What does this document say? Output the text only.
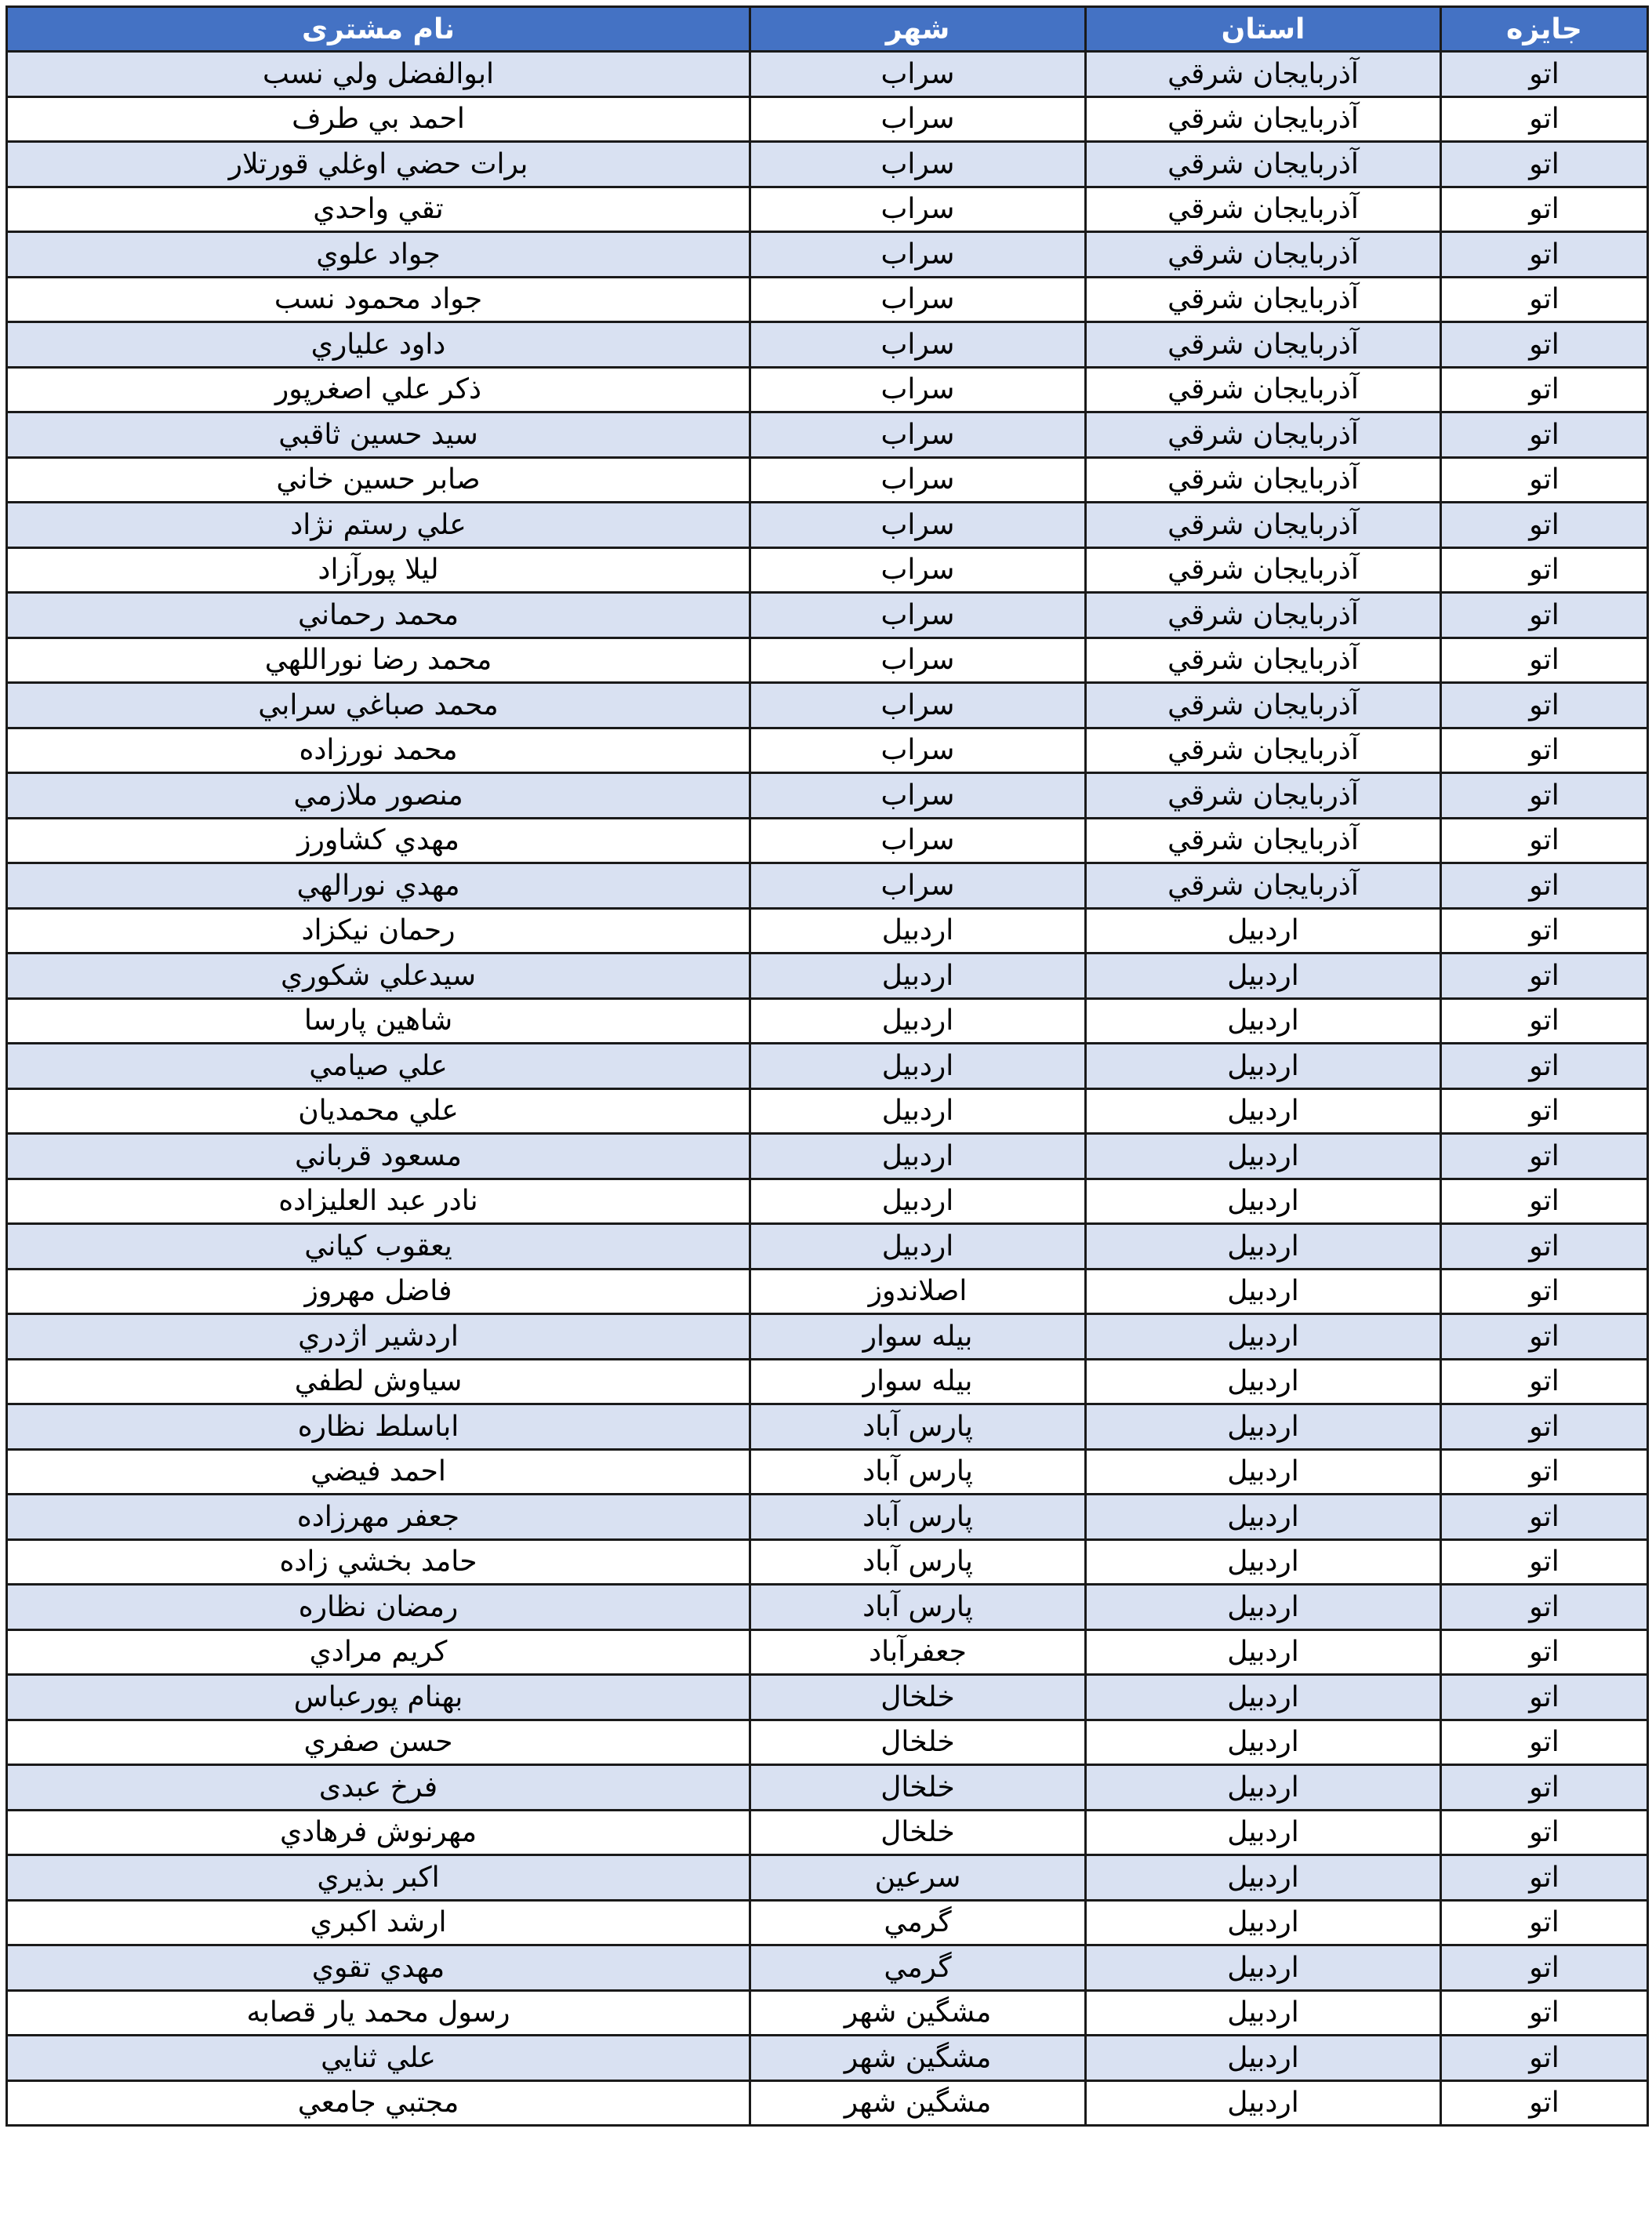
نام مشتری	شهر	استان	جایزه
ابوالفضل ولي نسب	سراب	آذربايجان شرقي	اتو
احمد بي طرف	سراب	آذربايجان شرقي	اتو
برات حضي اوغلي قورتلار	سراب	آذربايجان شرقي	اتو
تقي واحدي	سراب	آذربايجان شرقي	اتو
جواد علوي	سراب	آذربايجان شرقي	اتو
جواد محمود نسب	سراب	آذربايجان شرقي	اتو
داود علياري	سراب	آذربايجان شرقي	اتو
ذكر علي اصغرپور	سراب	آذربايجان شرقي	اتو
سيد حسين ثاقبي	سراب	آذربايجان شرقي	اتو
صابر حسين خاني	سراب	آذربايجان شرقي	اتو
علي رستم نژاد	سراب	آذربايجان شرقي	اتو
ليلا پورآزاد	سراب	آذربايجان شرقي	اتو
محمد رحماني	سراب	آذربايجان شرقي	اتو
محمد رضا نوراللهي	سراب	آذربايجان شرقي	اتو
محمد صباغي سرابي	سراب	آذربايجان شرقي	اتو
محمد نورزاده	سراب	آذربايجان شرقي	اتو
منصور ملازمي	سراب	آذربايجان شرقي	اتو
مهدي كشاورز	سراب	آذربايجان شرقي	اتو
مهدي نورالهي	سراب	آذربايجان شرقي	اتو
رحمان نيكزاد	اردبيل	اردبيل	اتو
سيدعلي شكوري	اردبيل	اردبيل	اتو
شاهين پارسا	اردبيل	اردبيل	اتو
علي صيامي	اردبيل	اردبيل	اتو
علي محمديان	اردبيل	اردبيل	اتو
مسعود قرباني	اردبيل	اردبيل	اتو
نادر عبد العليزاده	اردبيل	اردبيل	اتو
يعقوب كياني	اردبيل	اردبيل	اتو
فاضل مهروز	اصلاندوز	اردبيل	اتو
اردشير اژدري	بيله سوار	اردبيل	اتو
سياوش لطفي	بيله سوار	اردبيل	اتو
اباسلط نظاره	پارس آباد	اردبيل	اتو
احمد فيضي	پارس آباد	اردبيل	اتو
جعفر مهرزاده	پارس آباد	اردبيل	اتو
حامد بخشي زاده	پارس آباد	اردبيل	اتو
رمضان نظاره	پارس آباد	اردبيل	اتو
كريم مرادي	جعفرآباد	اردبيل	اتو
بهنام پورعباس	خلخال	اردبيل	اتو
حسن صفري	خلخال	اردبيل	اتو
فرخ عبدی	خلخال	اردبيل	اتو
مهرنوش فرهادي	خلخال	اردبيل	اتو
اكبر بذيري	سرعين	اردبيل	اتو
ارشد اكبري	گرمي	اردبيل	اتو
مهدي تقوي	گرمي	اردبيل	اتو
رسول محمد يار قصابه	مشگين شهر	اردبيل	اتو
علي ثنايي	مشگين شهر	اردبيل	اتو
مجتبي جامعي	مشگين شهر	اردبيل	اتو
